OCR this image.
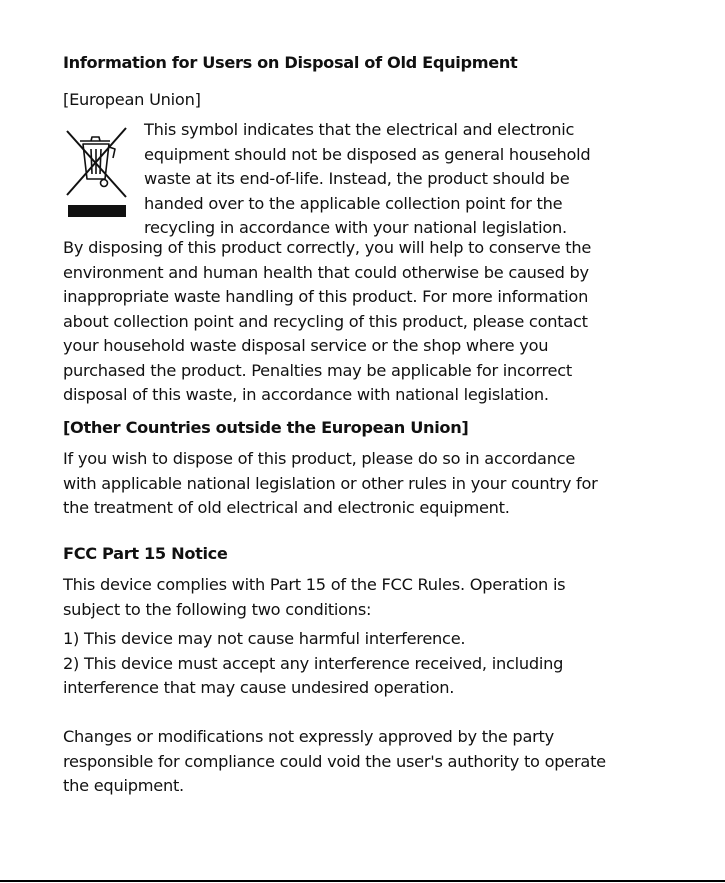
Information for Users on Disposal of Old Equipment

[European Union]

This symbol indicates that the electrical and electronic

equipment should not be disposed as general household

waste at its end-of-life. Instead, the product should be

handed over to the applicable collection point for the

recycling in accordance with your national legislation.

By disposing of this product correctly, you will help to conserve the

environment and human health that could otherwise be caused by

inappropriate waste handling of this product. For more information

about collection point and recycling of this product, please contact

your household waste disposal service or the shop where you

purchased the product. Penalties may be applicable for incorrect

disposal of this waste, in accordance with national legislation.

[Other Countries outside the European Union]

If you wish to dispose of this product, please do so in accordance

with applicable national legislation or other rules in your country for

the treatment of old electrical and electronic equipment.

FCC Part 15 Notice

This device complies with Part 15 of the FCC Rules. Operation is

subject to the following two conditions:

1) This device may not cause harmful interference.

2) This device must accept any interference received, including

interference that may cause undesired operation.

Changes or modifications not expressly approved by the party

responsible for compliance could void the user's authority to operate

the equipment.
